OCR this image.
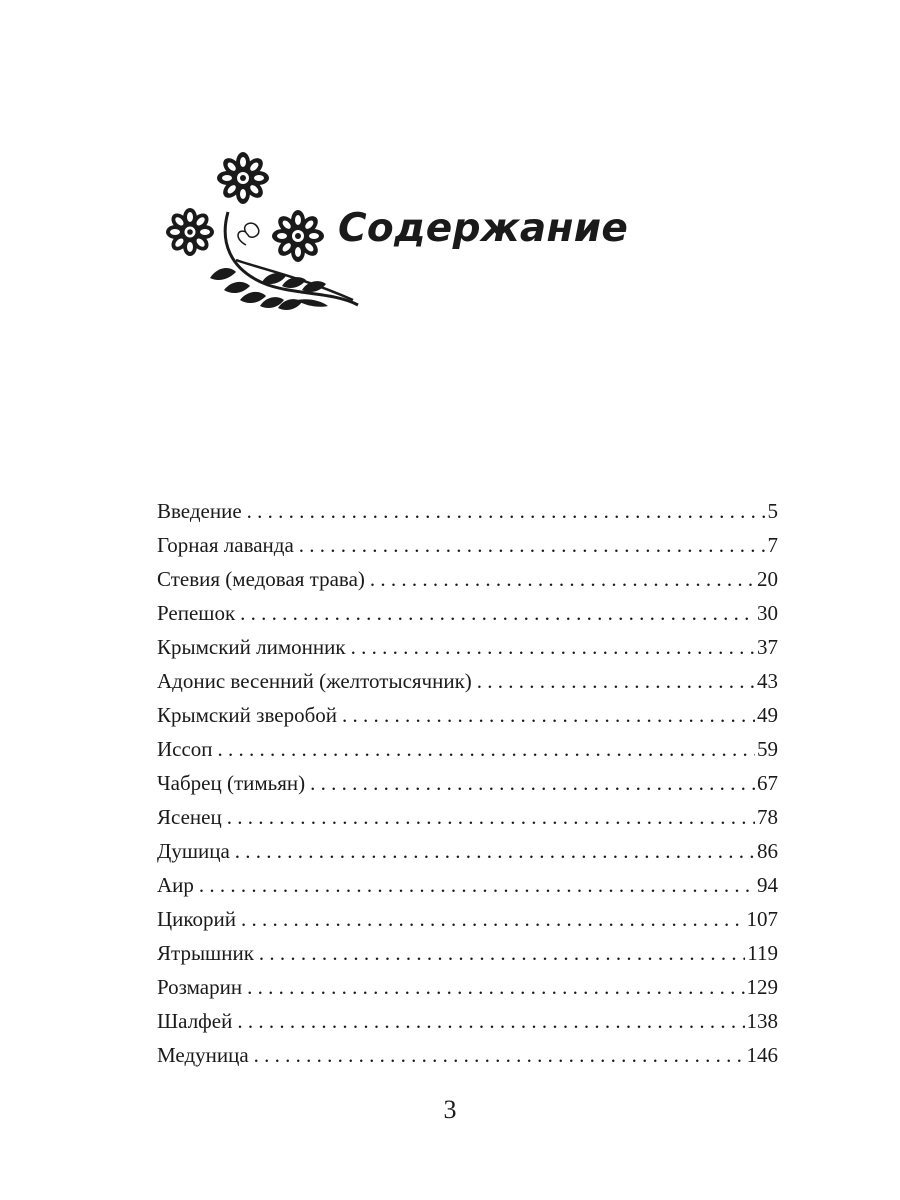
Содержание
Введение . . .	5
Горная лаванда . . .	7
Стевия (медовая трава) . . .	20
Репешок . . .	30
Крымский лимонник . . .	37
Адонис весенний (желтотысячник) . . .	43
Крымский зверобой . . .	49
Иссоп . . .	59
Чабрец (тимьян) . . .	67
Ясенец . . .	78
Душица . . .	86
Аир . . .	94
Цикорий . . .	107
Ятрышник . . .	119
Розмарин . . .	129
Шалфей . . .	138
Медуница . . .	146
3
